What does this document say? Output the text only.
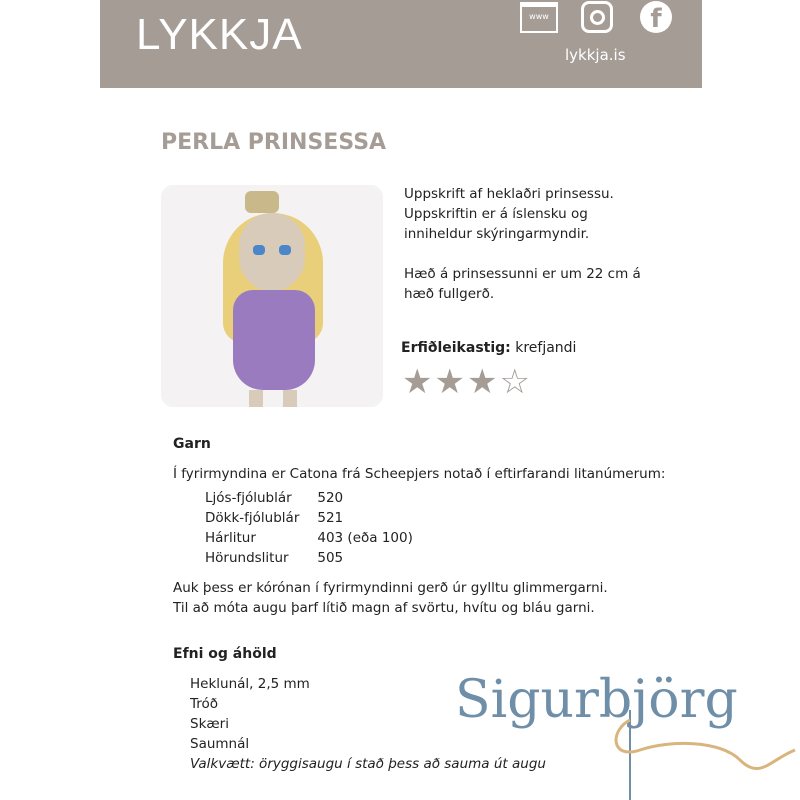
LYKKJA	www	f
lykkja.is
PERLA PRINSESSA
Uppskrift af heklaðri prinsessu.
Uppskriftin er á íslensku og
inniheldur skýringarmyndir.
Hæð á prinsessunni er um 22 cm á
hæð fullgerð.
Erfiðleikastig: krefjandi
★★★☆
Garn
Í fyrirmyndina er Catona frá Scheepjers notað í eftirfarandi litanúmerum:
Ljós-fjólublár	520
Dökk-fjólublár	521
Hárlitur	403 (eða 100)
Hörundslitur	505
Auk þess er kórónan í fyrirmyndinni gerð úr gylltu glimmergarni.
Til að móta augu þarf lítið magn af svörtu, hvítu og bláu garni.
Efni og áhöld
Heklunál, 2,5 mm
Tróð
Skæri
Saumnál
Valkvætt: öryggisaugu í stað þess að sauma út augu
Sigurbjörg
